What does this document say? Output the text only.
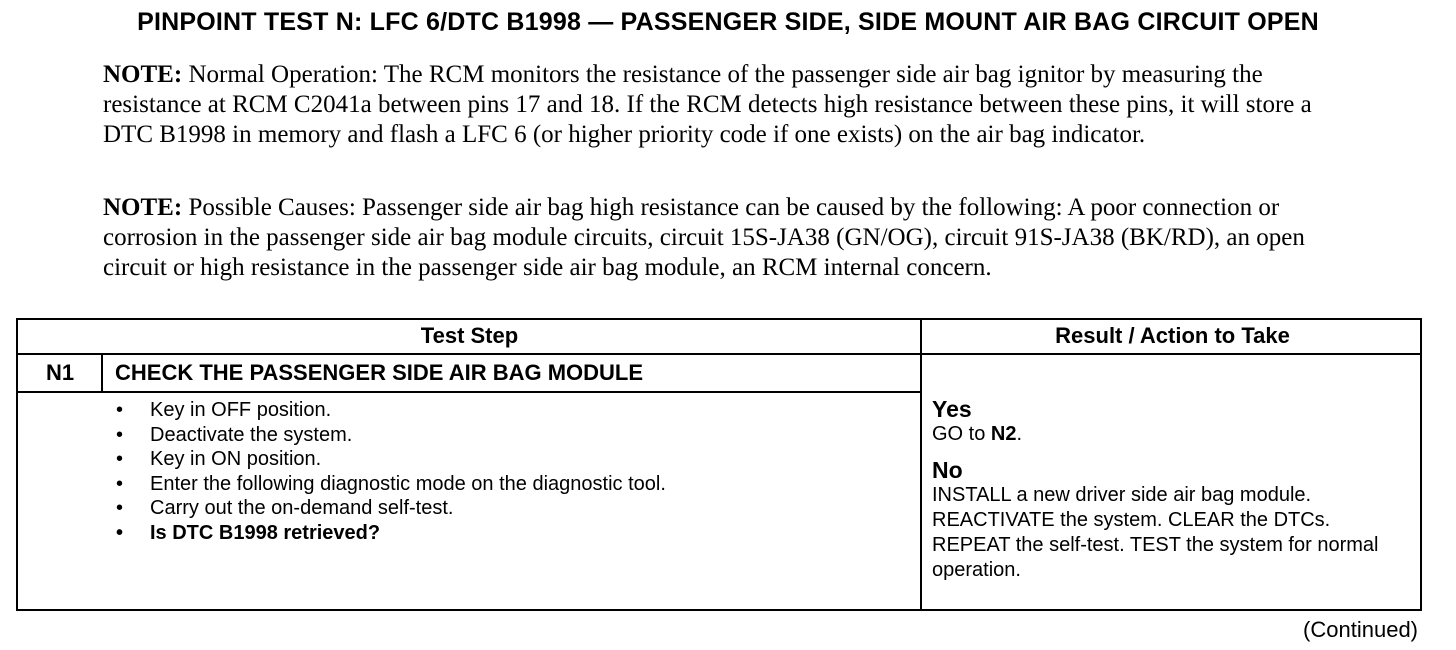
PINPOINT TEST N: LFC 6/DTC B1998 — PASSENGER SIDE, SIDE MOUNT AIR BAG CIRCUIT OPEN
NOTE: Normal Operation: The RCM monitors the resistance of the passenger side air bag ignitor by measuring the resistance at RCM C2041a between pins 17 and 18. If the RCM detects high resistance between these pins, it will store a DTC B1998 in memory and flash a LFC 6 (or higher priority code if one exists) on the air bag indicator.
NOTE: Possible Causes: Passenger side air bag high resistance can be caused by the following: A poor connection or corrosion in the passenger side air bag module circuits, circuit 15S-JA38 (GN/OG), circuit 91S-JA38 (BK/RD), an open circuit or high resistance in the passenger side air bag module, an RCM internal concern.
Test Step	Result / Action to Take
N1	CHECK THE PASSENGER SIDE AIR BAG MODULE
• Key in OFF position.
• Deactivate the system.
• Key in ON position.
• Enter the following diagnostic mode on the diagnostic tool.
• Carry out the on-demand self-test.
• Is DTC B1998 retrieved?
Yes
GO to N2.
No
INSTALL a new driver side air bag module. REACTIVATE the system. CLEAR the DTCs. REPEAT the self-test. TEST the system for normal operation.
(Continued)
